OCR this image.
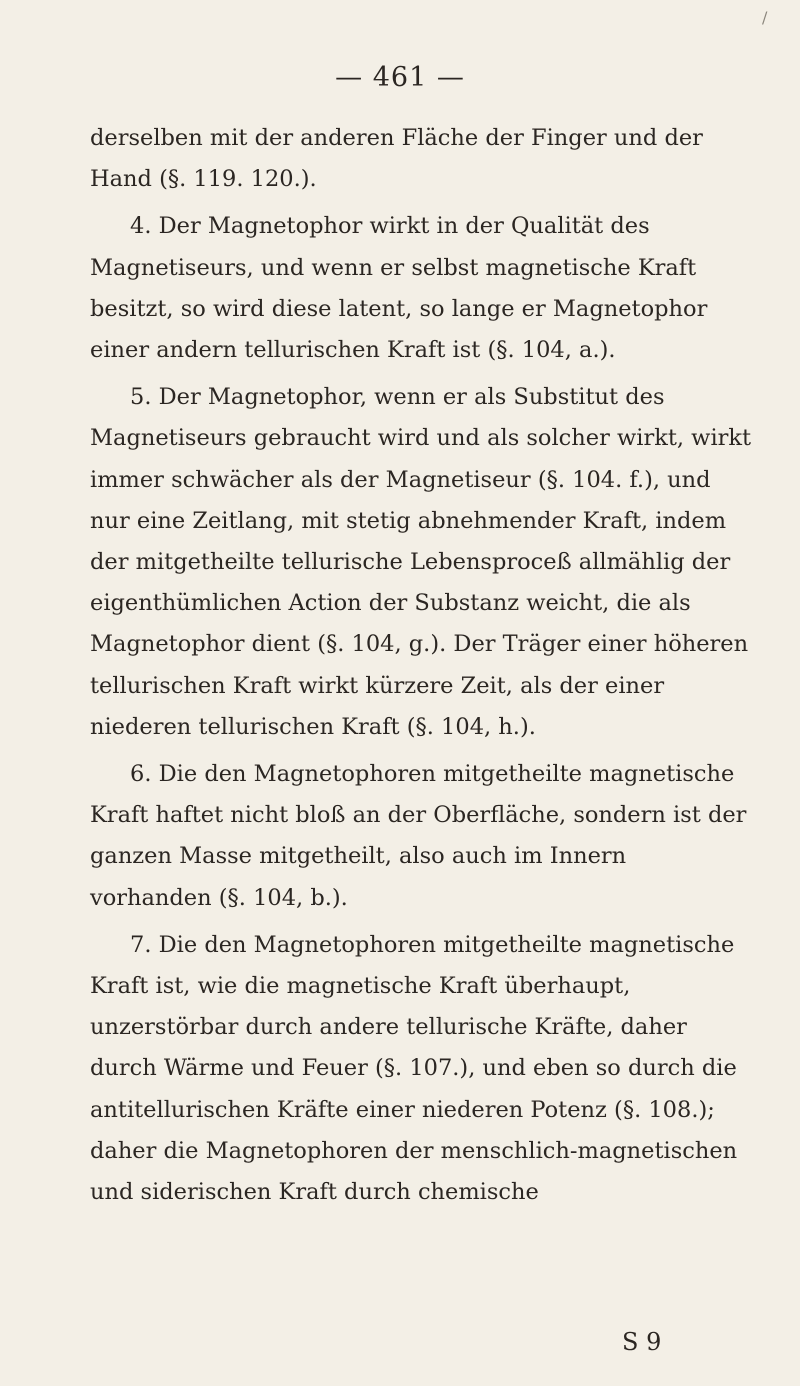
/
— 461 —

derselben mit der anderen Fläche der Finger und der Hand (§. 119. 120.).

4. Der Magnetophor wirkt in der Qualität des Magnetiseurs, und wenn er selbst magnetische Kraft besitzt, so wird diese latent, so lange er Magnetophor einer andern tellurischen Kraft ist (§. 104, a.).

5. Der Magnetophor, wenn er als Substitut des Magnetiseurs gebraucht wird und als solcher wirkt, wirkt immer schwächer als der Magnetiseur (§. 104. f.), und nur eine Zeitlang, mit stetig abnehmender Kraft, indem der mitgetheilte tellurische Lebensproceß allmählig der eigenthümlichen Action der Substanz weicht, die als Magnetophor dient (§. 104, g.). Der Träger einer höheren tellurischen Kraft wirkt kürzere Zeit, als der einer niederen tellurischen Kraft (§. 104, h.).

6. Die den Magnetophoren mitgetheilte magnetische Kraft haftet nicht bloß an der Oberfläche, sondern ist der ganzen Masse mitgetheilt, also auch im Innern vorhanden (§. 104, b.).

7. Die den Magnetophoren mitgetheilte magnetische Kraft ist, wie die magnetische Kraft überhaupt, unzerstörbar durch andere tellurische Kräfte, daher durch Wärme und Feuer (§. 107.), und eben so durch die antitellurischen Kräfte einer niederen Potenz (§. 108.); daher die Magnetophoren der menschlich-magnetischen und siderischen Kraft durch chemische

S 9
